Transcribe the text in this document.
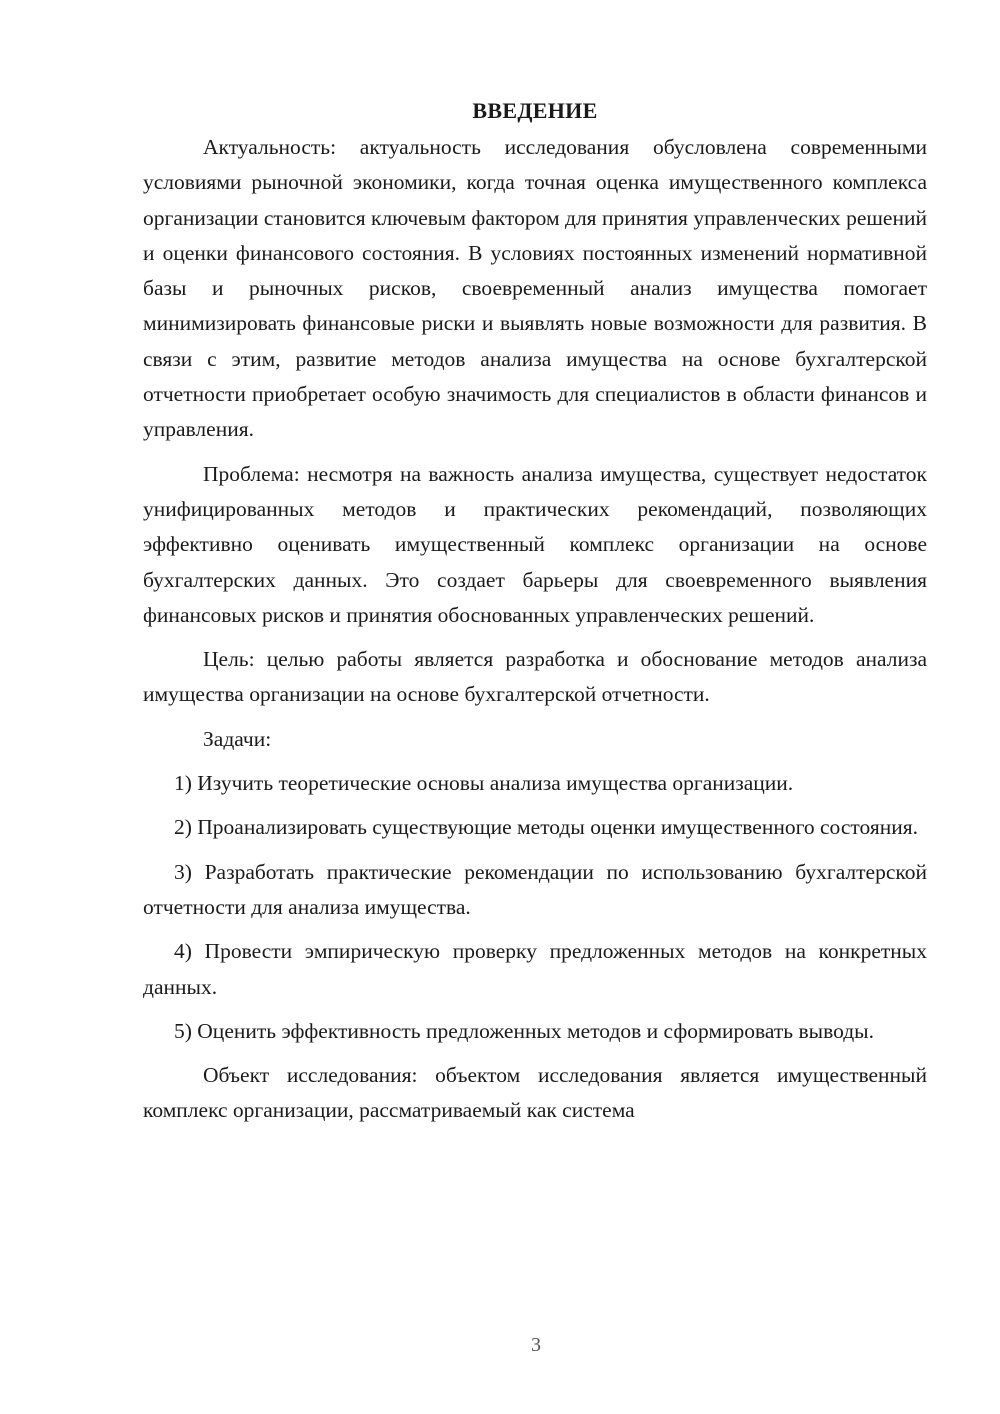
ВВЕДЕНИЕ

Актуальность: актуальность исследования обусловлена современными условиями рыночной экономики, когда точная оценка имущественного комплекса организации становится ключевым фактором для принятия управленческих решений и оценки финансового состояния. В условиях постоянных изменений нормативной базы и рыночных рисков, своевременный анализ имущества помогает минимизировать финансовые риски и выявлять новые возможности для развития. В связи с этим, развитие методов анализа имущества на основе бухгалтерской отчетности приобретает особую значимость для специалистов в области финансов и управления.

Проблема: несмотря на важность анализа имущества, существует недостаток унифицированных методов и практических рекомендаций, позволяющих эффективно оценивать имущественный комплекс организации на основе бухгалтерских данных. Это создает барьеры для своевременного выявления финансовых рисков и принятия обоснованных управленческих решений.

Цель: целью работы является разработка и обоснование методов анализа имущества организации на основе бухгалтерской отчетности.

Задачи:

1) Изучить теоретические основы анализа имущества организации.

2) Проанализировать существующие методы оценки имущественного состояния.

3) Разработать практические рекомендации по использованию бухгалтерской отчетности для анализа имущества.

4) Провести эмпирическую проверку предложенных методов на конкретных данных.

5) Оценить эффективность предложенных методов и сформировать выводы.

Объект исследования: объектом исследования является имущественный комплекс организации, рассматриваемый как система

3
